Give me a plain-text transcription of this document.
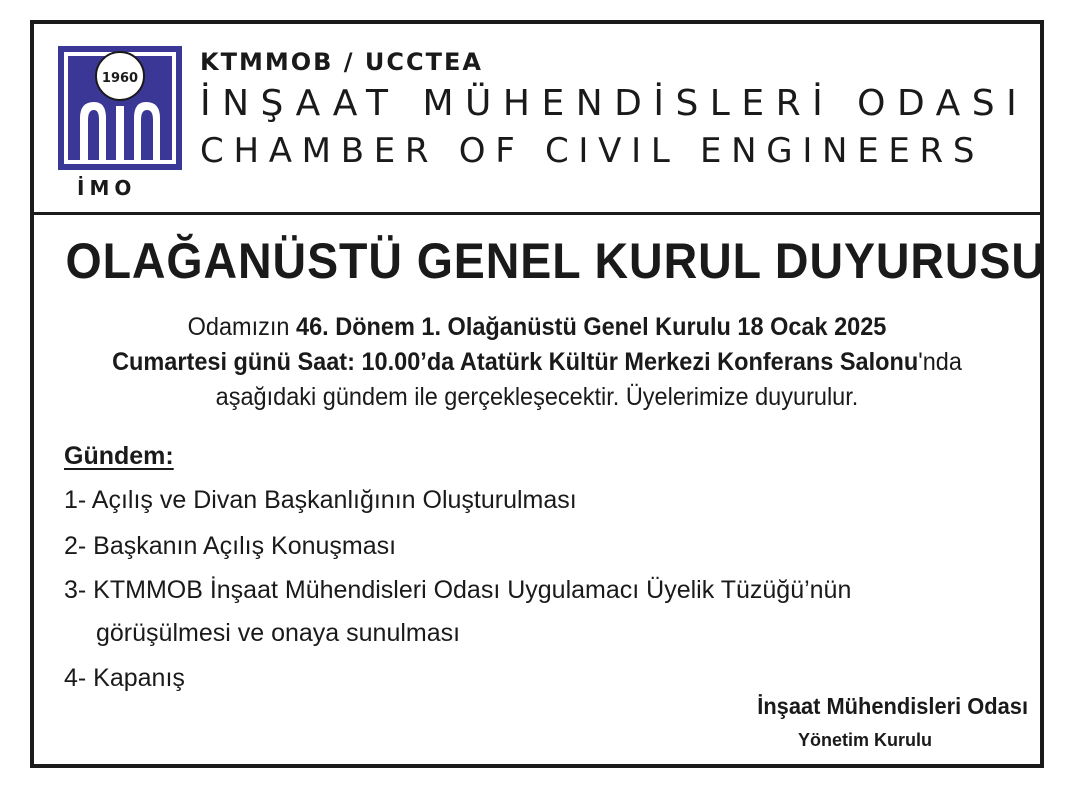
1960
İMO
KTMMOB / UCCTEA
İNŞAAT MÜHENDİSLERİ ODASI
CHAMBER OF CIVIL ENGINEERS
OLAĞANÜSTÜ GENEL KURUL DUYURUSU
Odamızın 46. Dönem 1. Olağanüstü Genel Kurulu 18 Ocak 2025
Cumartesi günü Saat: 10.00’da Atatürk Kültür Merkezi Konferans Salonu'nda
aşağıdaki gündem ile gerçekleşecektir. Üyelerimize duyurulur.
Gündem:
1- Açılış ve Divan Başkanlığının Oluşturulması
2- Başkanın Açılış Konuşması
3- KTMMOB İnşaat Mühendisleri Odası Uygulamacı Üyelik Tüzüğü’nün
görüşülmesi ve onaya sunulması
4- Kapanış
İnşaat Mühendisleri Odası
Yönetim Kurulu
